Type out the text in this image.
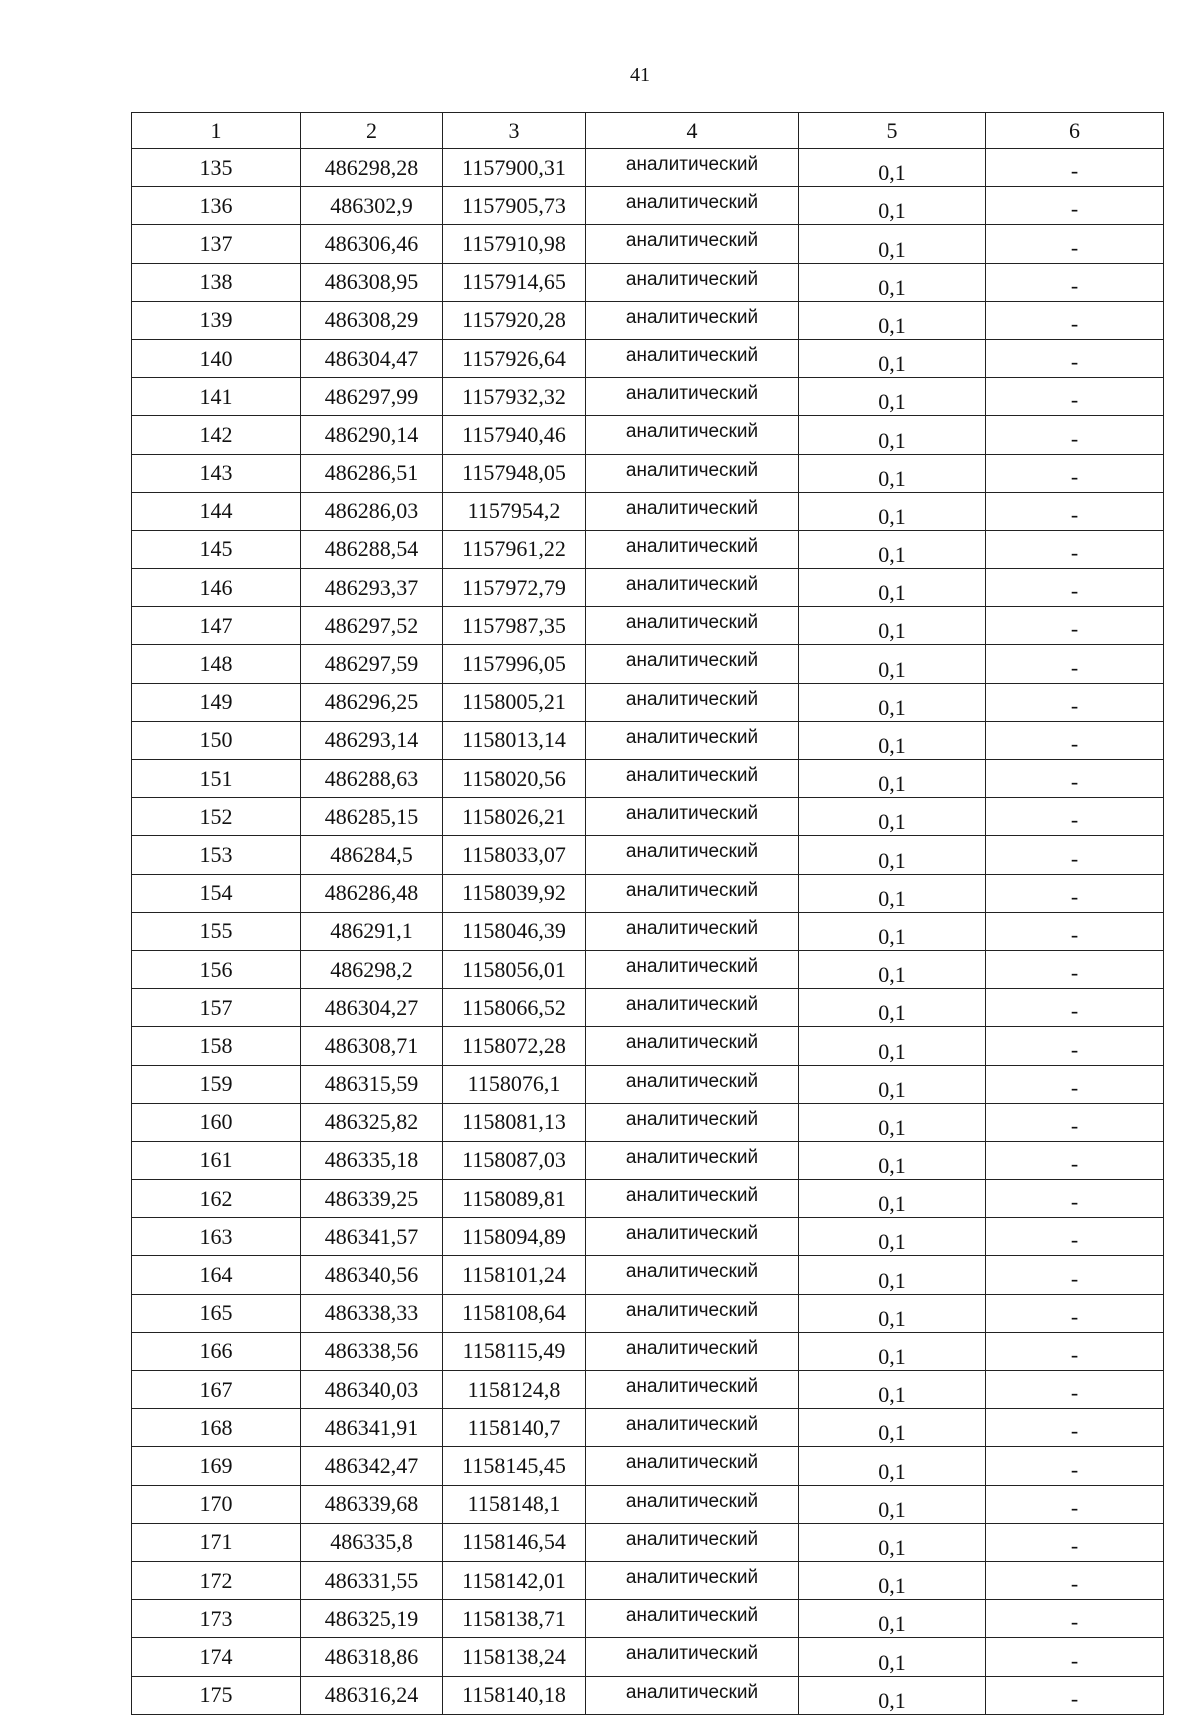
41
1	2	3	4	5	6
135	486298,28	1157900,31	аналитический	0,1	-
136	486302,9	1157905,73	аналитический	0,1	-
137	486306,46	1157910,98	аналитический	0,1	-
138	486308,95	1157914,65	аналитический	0,1	-
139	486308,29	1157920,28	аналитический	0,1	-
140	486304,47	1157926,64	аналитический	0,1	-
141	486297,99	1157932,32	аналитический	0,1	-
142	486290,14	1157940,46	аналитический	0,1	-
143	486286,51	1157948,05	аналитический	0,1	-
144	486286,03	1157954,2	аналитический	0,1	-
145	486288,54	1157961,22	аналитический	0,1	-
146	486293,37	1157972,79	аналитический	0,1	-
147	486297,52	1157987,35	аналитический	0,1	-
148	486297,59	1157996,05	аналитический	0,1	-
149	486296,25	1158005,21	аналитический	0,1	-
150	486293,14	1158013,14	аналитический	0,1	-
151	486288,63	1158020,56	аналитический	0,1	-
152	486285,15	1158026,21	аналитический	0,1	-
153	486284,5	1158033,07	аналитический	0,1	-
154	486286,48	1158039,92	аналитический	0,1	-
155	486291,1	1158046,39	аналитический	0,1	-
156	486298,2	1158056,01	аналитический	0,1	-
157	486304,27	1158066,52	аналитический	0,1	-
158	486308,71	1158072,28	аналитический	0,1	-
159	486315,59	1158076,1	аналитический	0,1	-
160	486325,82	1158081,13	аналитический	0,1	-
161	486335,18	1158087,03	аналитический	0,1	-
162	486339,25	1158089,81	аналитический	0,1	-
163	486341,57	1158094,89	аналитический	0,1	-
164	486340,56	1158101,24	аналитический	0,1	-
165	486338,33	1158108,64	аналитический	0,1	-
166	486338,56	1158115,49	аналитический	0,1	-
167	486340,03	1158124,8	аналитический	0,1	-
168	486341,91	1158140,7	аналитический	0,1	-
169	486342,47	1158145,45	аналитический	0,1	-
170	486339,68	1158148,1	аналитический	0,1	-
171	486335,8	1158146,54	аналитический	0,1	-
172	486331,55	1158142,01	аналитический	0,1	-
173	486325,19	1158138,71	аналитический	0,1	-
174	486318,86	1158138,24	аналитический	0,1	-
175	486316,24	1158140,18	аналитический	0,1	-
